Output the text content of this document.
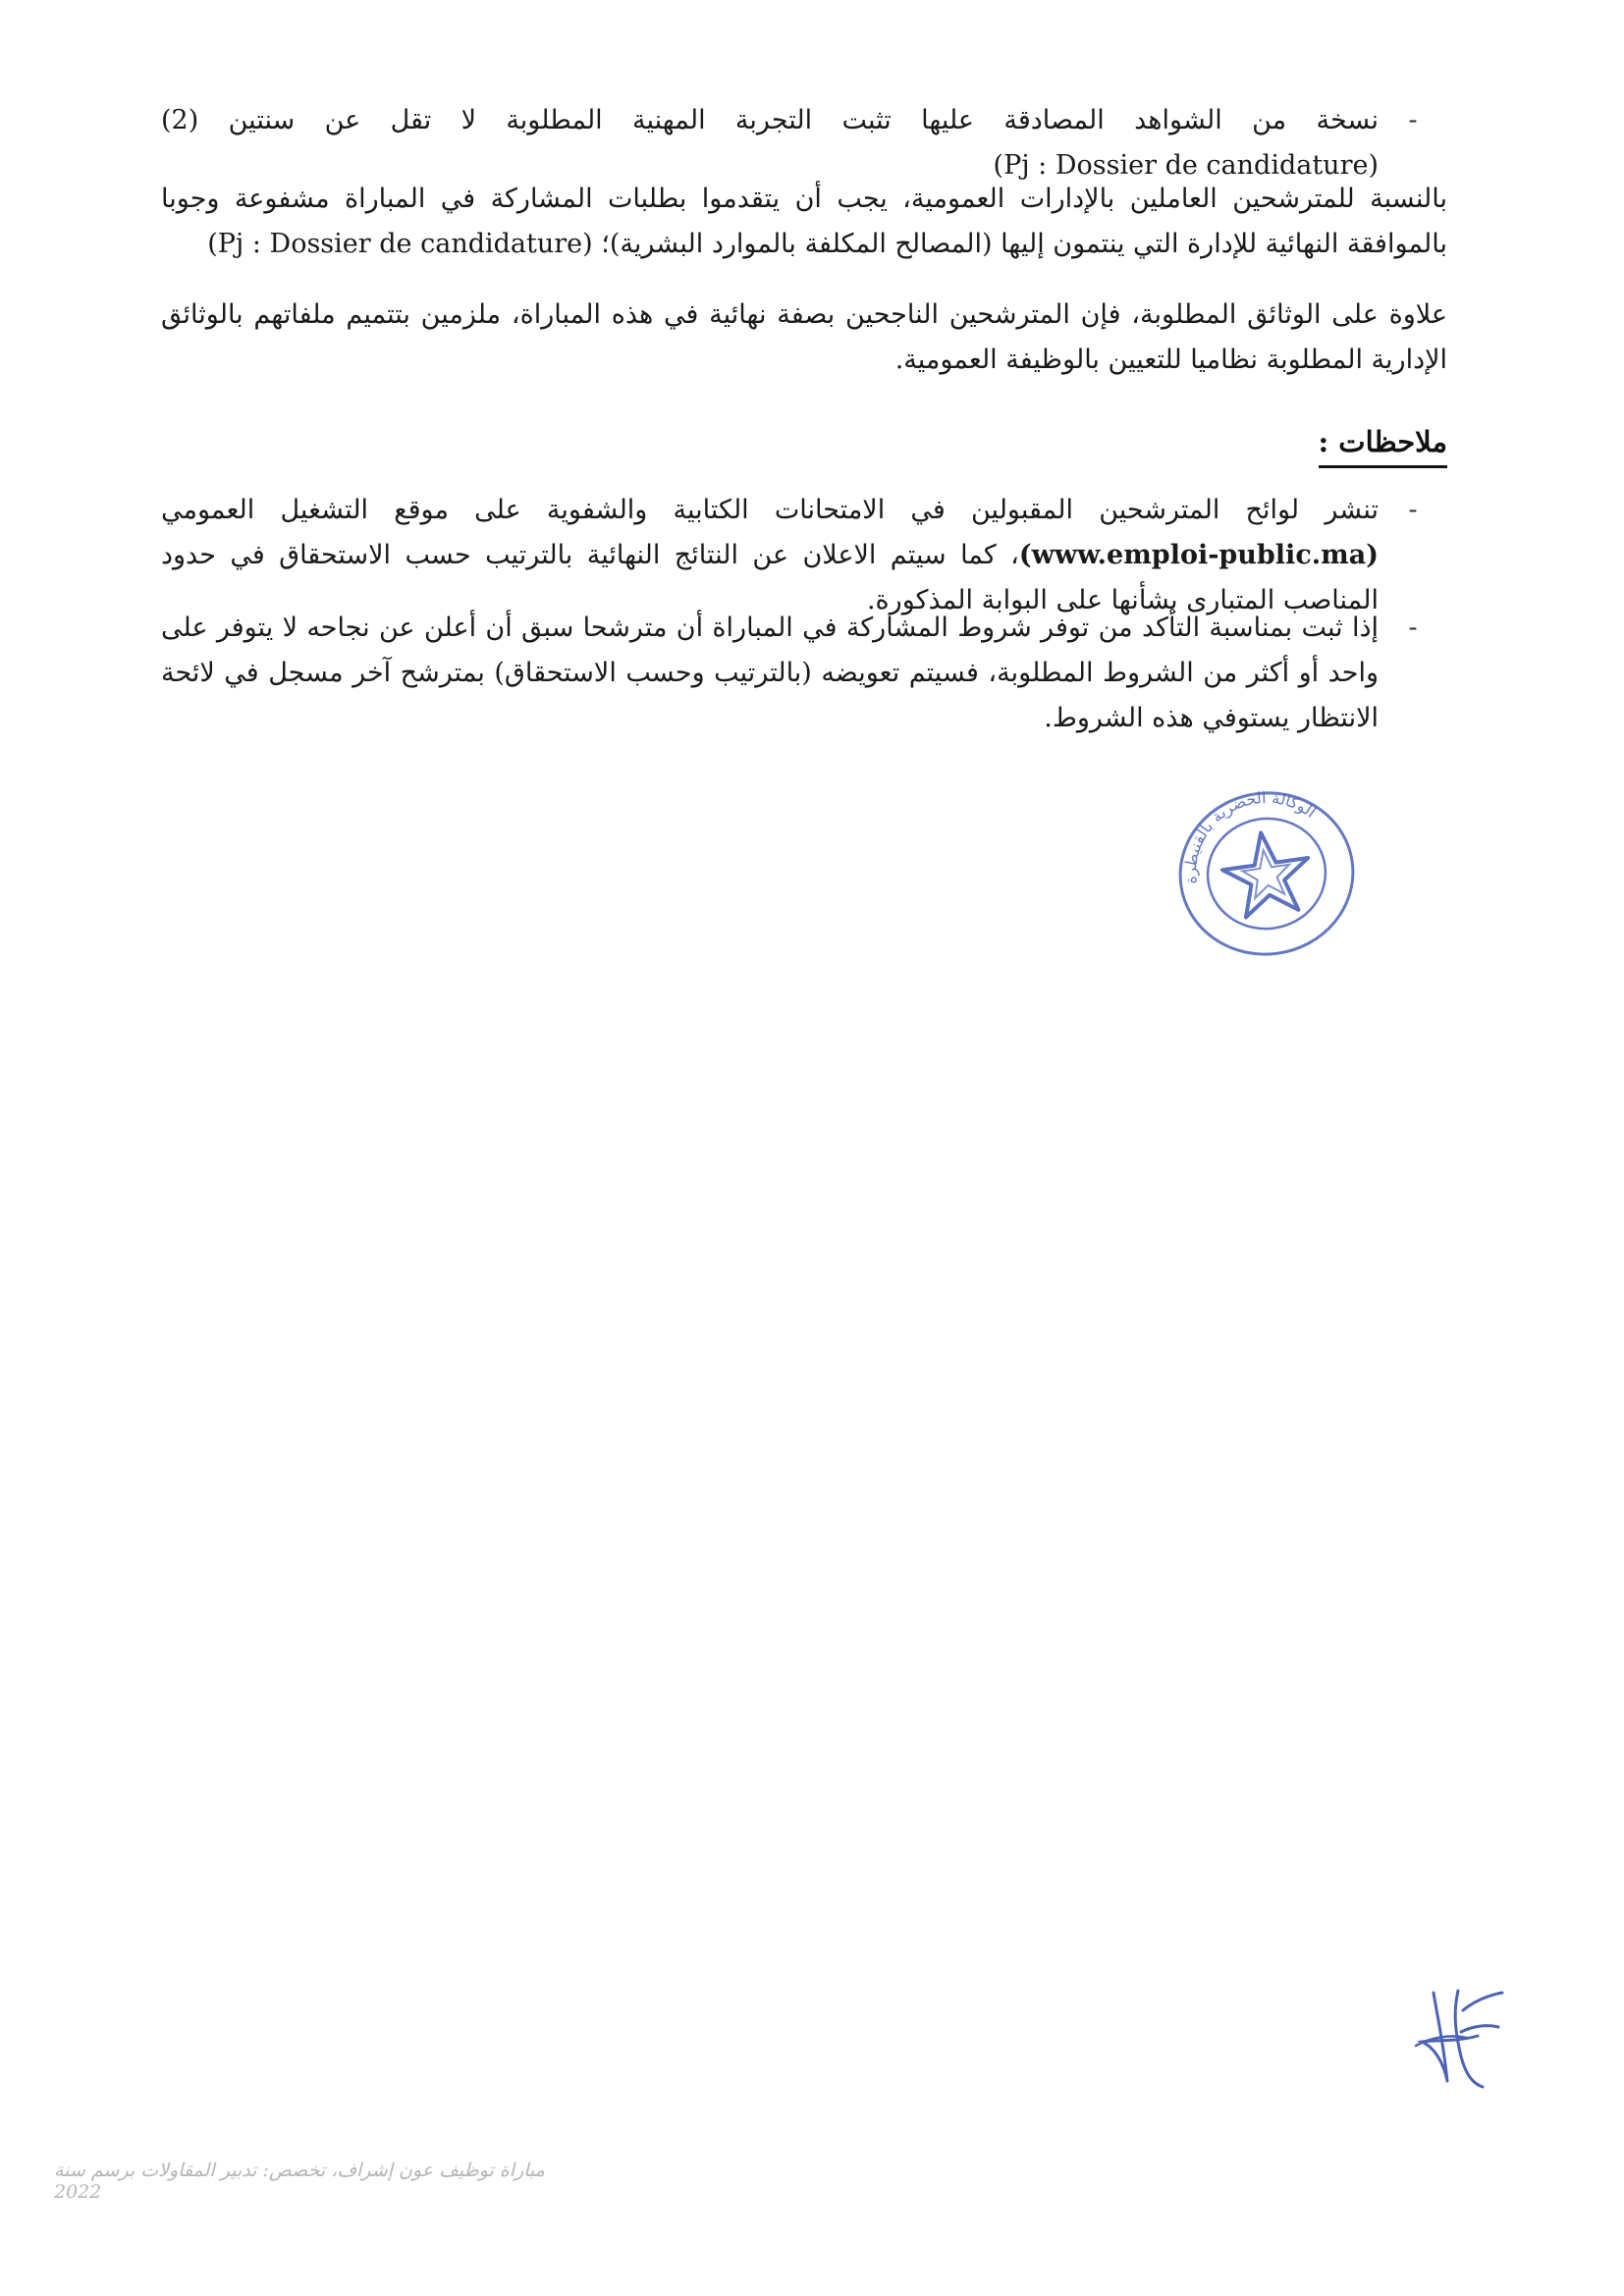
-
نسخة من الشواهد المصادقة عليها تثبت التجربة المهنية المطلوبة لا تقل عن سنتين (2) (Pj : Dossier de candidature)
بالنسبة للمترشحين العاملين بالإدارات العمومية، يجب أن يتقدموا بطلبات المشاركة في المباراة مشفوعة وجوبا بالموافقة النهائية للإدارة التي ينتمون إليها (المصالح المكلفة بالموارد البشرية)؛ (Pj : Dossier de candidature)
علاوة على الوثائق المطلوبة، فإن المترشحين الناجحين بصفة نهائية في هذه المباراة، ملزمين بتتميم ملفاتهم بالوثائق الإدارية المطلوبة نظاميا للتعيين بالوظيفة العمومية.
ملاحظات :
-
تنشر لوائح المترشحين المقبولين في الامتحانات الكتابية والشفوية على موقع التشغيل العمومي (www.emploi-public.ma)، كما سيتم الاعلان عن النتائج النهائية بالترتيب حسب الاستحقاق في حدود المناصب المتبارى بشأنها على البوابة المذكورة.
-
إذا ثبت بمناسبة التأكد من توفر شروط المشاركة في المباراة أن مترشحا سبق أن أعلن عن نجاحه لا يتوفر على واحد أو أكثر من الشروط المطلوبة، فسيتم تعويضه (بالترتيب وحسب الاستحقاق) بمترشح آخر مسجل في لائحة الانتظار يستوفي هذه الشروط.
الوكالة الحضرية بالقنيطرة
مباراة توظيف عون إشراف، تخصص: تدبير المقاولات برسم سنة 2022
